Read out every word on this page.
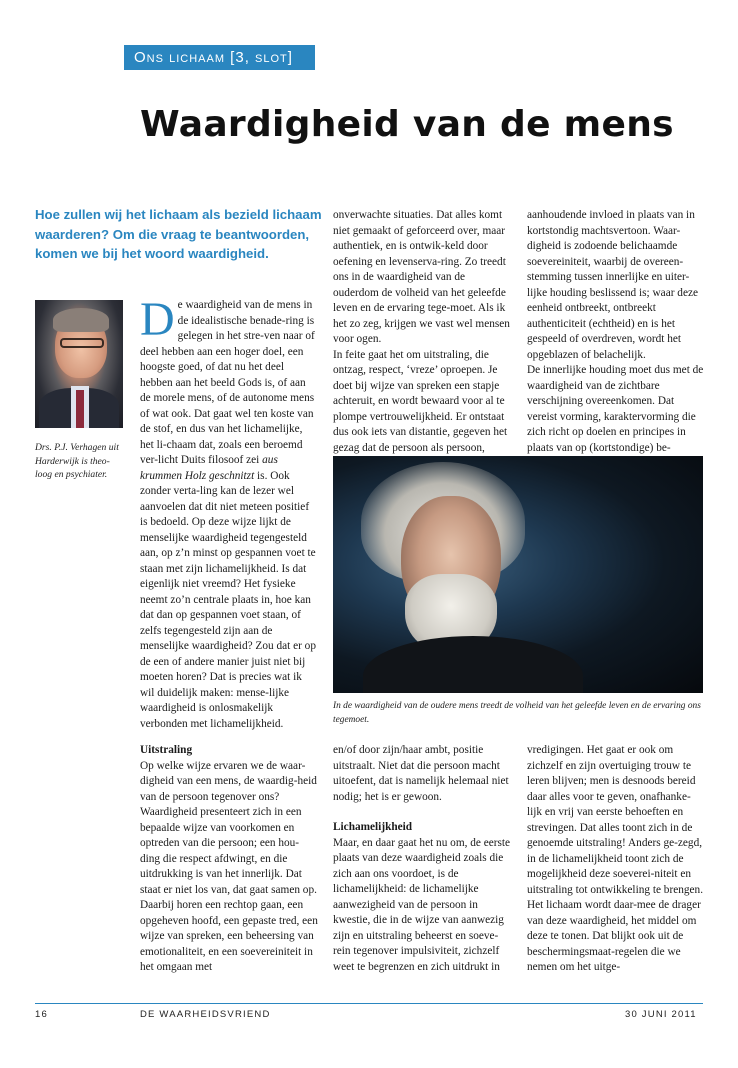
Ons lichaam [3, slot]
Waardigheid van de mens
Hoe zullen wij het lichaam als bezield lichaam waarderen? Om die vraag te beantwoorden, komen we bij het woord waardigheid.
Drs. P.J. Verhagen uit Harderwijk is theo-loog en psychiater.

De waardigheid van de mens in de idealistische benade-ring is gelegen in het stre-ven naar of deel hebben aan een hoger doel, een hoogste goed, of dat nu het deel hebben aan het beeld Gods is, of aan de morele mens, of de autonome mens of wat ook. Dat gaat wel ten koste van de stof, en dus van het lichamelijke, het li-chaam dat, zoals een beroemd ver-licht Duits filosoof zei aus krummen Holz geschnitzt is. Ook zonder verta-ling kan de lezer wel aanvoelen dat dit niet meteen positief is bedoeld. Op deze wijze lijkt de menselijke waardigheid tegengesteld aan, op z’n minst op gespannen voet te staan met zijn lichamelijkheid. Is dat eigenlijk niet vreemd? Het fysieke neemt zo’n centrale plaats in, hoe kan dat dan op gespannen voet staan, of zelfs tegengesteld zijn aan de menselijke waardigheid? Zou dat er op de een of andere manier juist niet bij moeten horen? Dat is precies wat ik wil duidelijk maken: mense-lijke waardigheid is onlosmakelijk verbonden met lichamelijkheid.

onverwachte situaties. Dat alles komt niet gemaakt of geforceerd over, maar authentiek, en is ontwik-keld door oefening en levenserva-ring. Zo treedt ons in de waardigheid van de ouderdom de volheid van het geleefde leven en de ervaring tege-moet. Als ik het zo zeg, krijgen we vast wel mensen voor ogen.

In feite gaat het om uitstraling, die ontzag, respect, ‘vreze’ oproepen. Je doet bij wijze van spreken een stapje achteruit, en wordt bewaard voor al te plompe vertrouwelijkheid. Er ontstaat dus ook iets van distantie, gegeven het gezag dat de persoon als persoon,

aanhoudende invloed in plaats van in kortstondig machtsvertoon. Waar-digheid is zodoende belichaamde soevereiniteit, waarbij de overeen-stemming tussen innerlijke en uiter-lijke houding beslissend is; waar deze eenheid ontbreekt, ontbreekt authenticiteit (echtheid) en is het gespeeld of overdreven, wordt het opgeblazen of belachelijk.

De innerlijke houding moet dus met de waardigheid van de zichtbare verschijning overeenkomen. Dat vereist vorming, karaktervorming die zich richt op doelen en principes in plaats van op (kortstondige) be-

In de waardigheid van de oudere mens treedt de volheid van het geleefde leven en de ervaring ons tegemoet.

Uitstraling

Op welke wijze ervaren we de waar-digheid van een mens, de waardig-heid van de persoon tegenover ons? Waardigheid presenteert zich in een bepaalde wijze van voorkomen en optreden van die persoon; een hou-ding die respect afdwingt, en die uitdrukking is van het innerlijk. Dat staat er niet los van, dat gaat samen op. Daarbij horen een rechtop gaan, een opgeheven hoofd, een gepaste tred, een wijze van spreken, een beheersing van emotionaliteit, en een soevereiniteit in het omgaan met

en/of door zijn/haar ambt, positie uitstraalt. Niet dat die persoon macht uitoefent, dat is namelijk helemaal niet nodig; het is er gewoon.

Lichamelijkheid

Maar, en daar gaat het nu om, de eerste plaats van deze waardigheid zoals die zich aan ons voordoet, is de lichamelijkheid: de lichamelijke aanwezigheid van de persoon in kwestie, die in de wijze van aanwezig zijn en uitstraling beheerst en soeve-rein tegenover impulsiviteit, zichzelf weet te begrenzen en zich uitdrukt in

vredigingen. Het gaat er ook om zichzelf en zijn overtuiging trouw te leren blijven; men is desnoods bereid daar alles voor te geven, onafhanke-lijk en vrij van eerste behoeften en strevingen. Dat alles toont zich in de genoemde uitstraling! Anders ge-zegd, in de lichamelijkheid toont zich de mogelijkheid deze soeverei-niteit en uitstraling tot ontwikkeling te brengen. Het lichaam wordt daar-mee de drager van deze waardigheid, het middel om deze te tonen. Dat blijkt ook uit de beschermingsmaat-regelen die we nemen om het uitge-

16	DE WAARHEIDSVRIEND	30 JUNI 2011
